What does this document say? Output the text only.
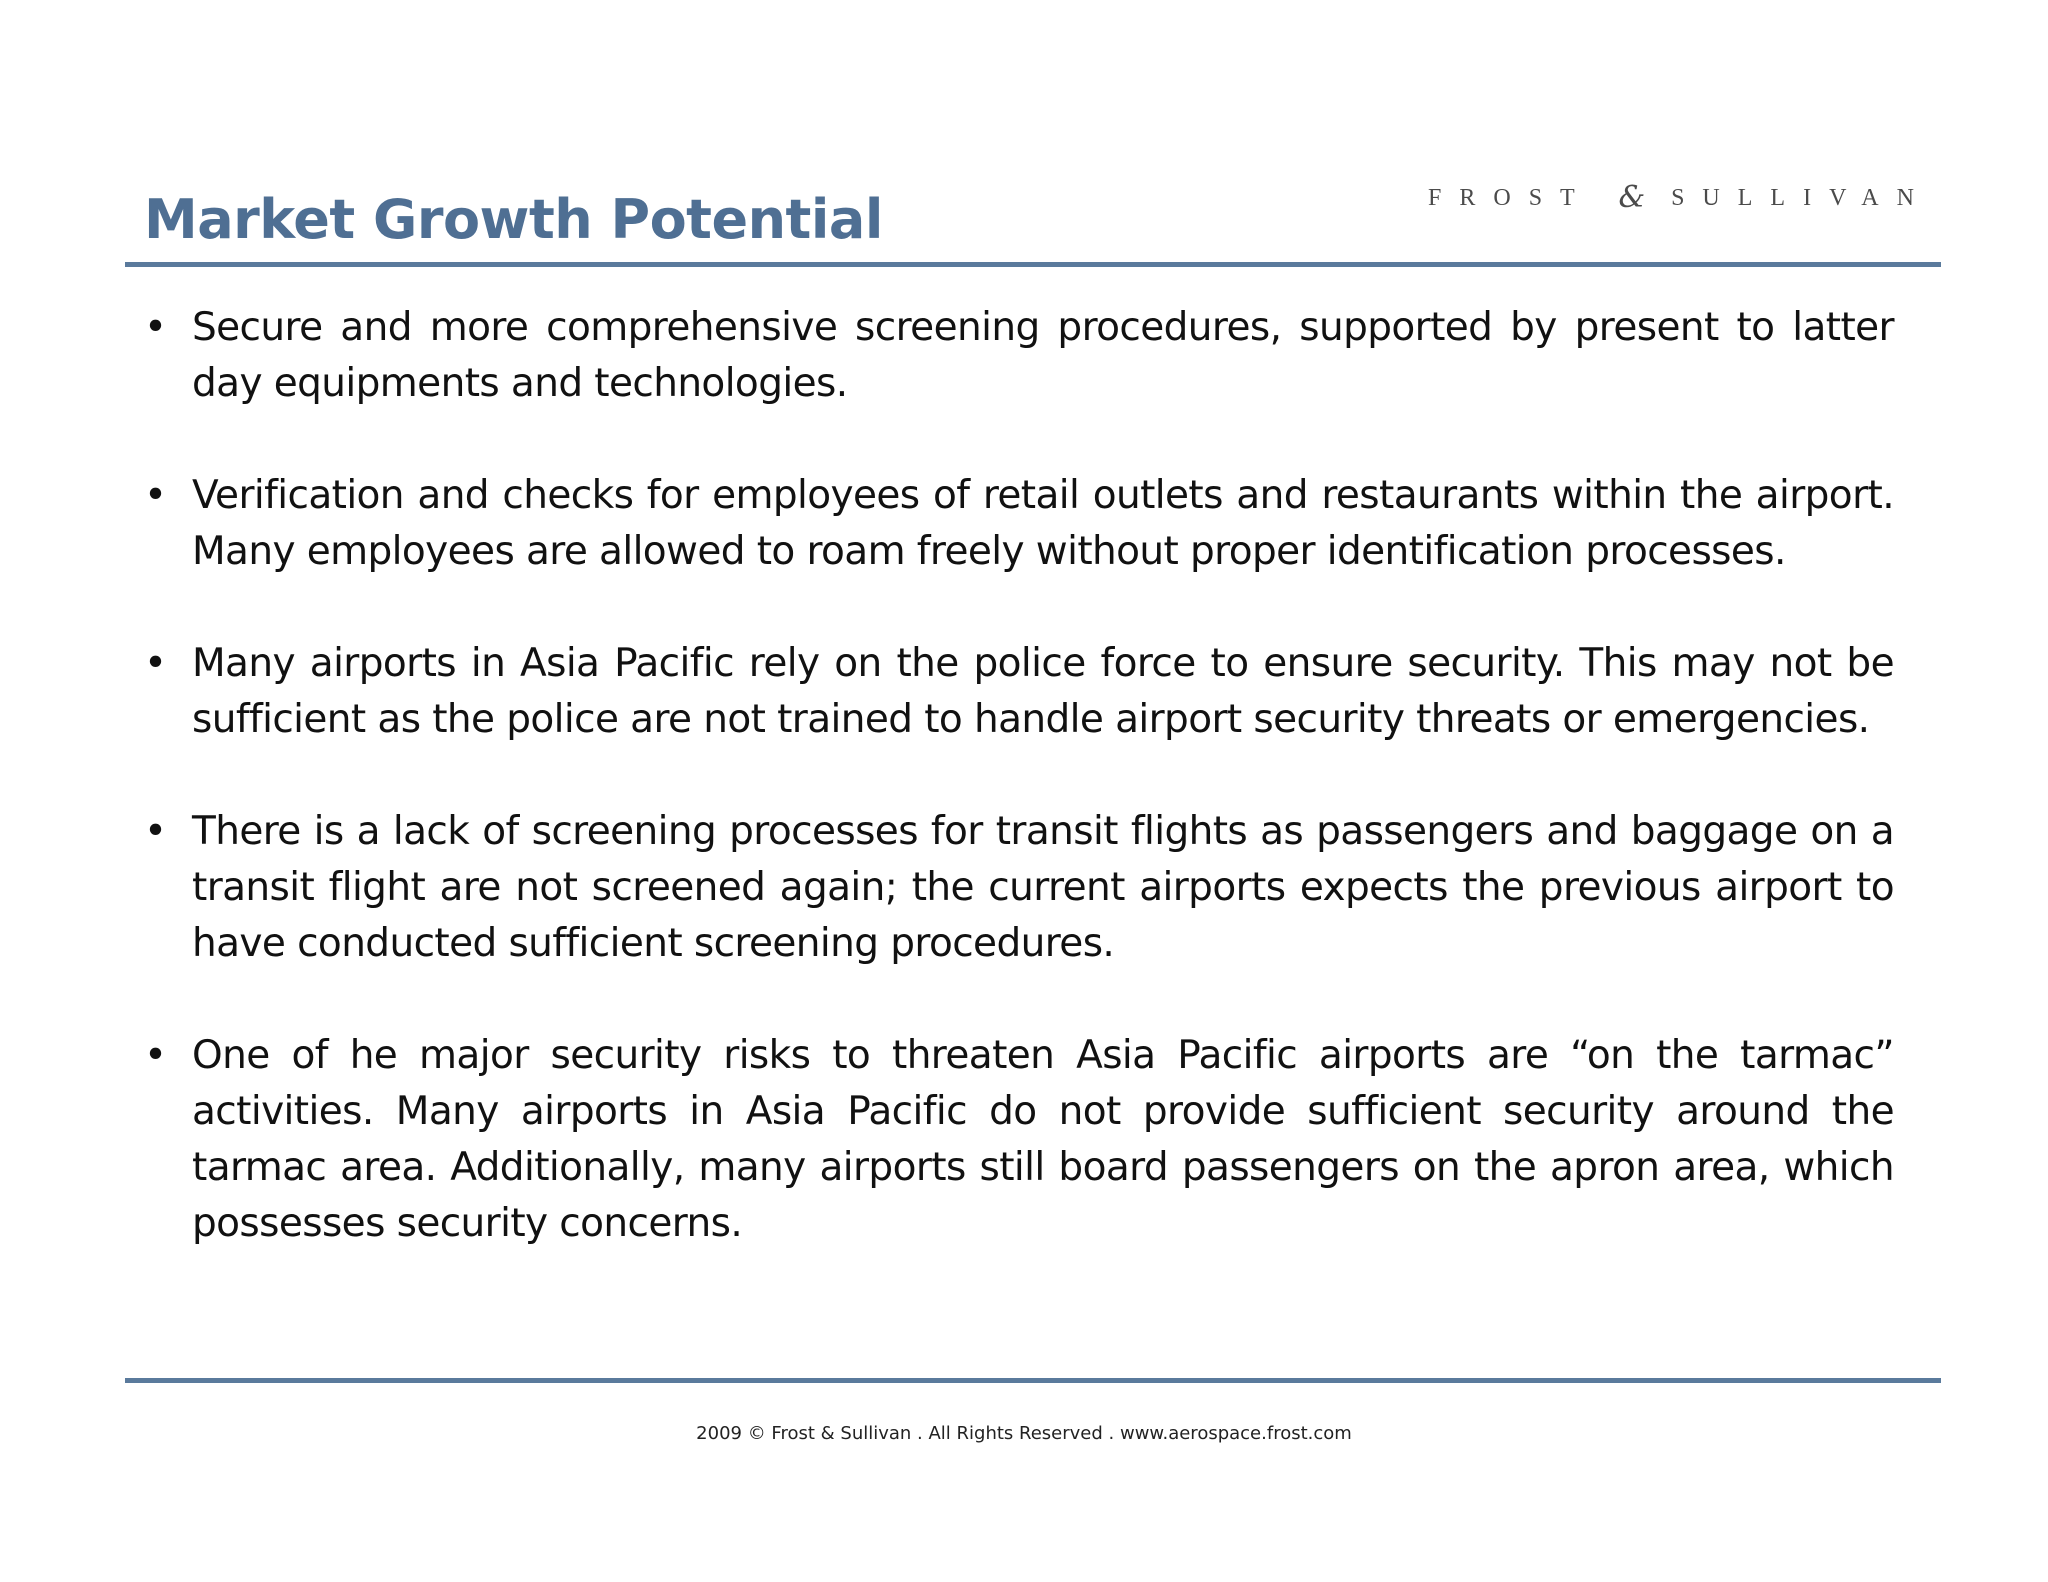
Market Growth Potential	FROST & SULLIVAN
• Secure and more comprehensive screening procedures, supported by present to latter day equipments and technologies.
• Verification and checks for employees of retail outlets and restaurants within the airport. Many employees are allowed to roam freely without proper identification processes.
• Many airports in Asia Pacific rely on the police force to ensure security. This may not be sufficient as the police are not trained to handle airport security threats or emergencies.
• There is a lack of screening processes for transit flights as passengers and baggage on a transit flight are not screened again; the current airports expects the previous airport to have conducted sufficient screening procedures.
• One of he major security risks to threaten Asia Pacific airports are “on the tarmac” activities. Many airports in Asia Pacific do not provide sufficient security around the tarmac area. Additionally, many airports still board passengers on the apron area, which possesses security concerns.
2009 © Frost & Sullivan . All Rights Reserved . www.aerospace.frost.com
